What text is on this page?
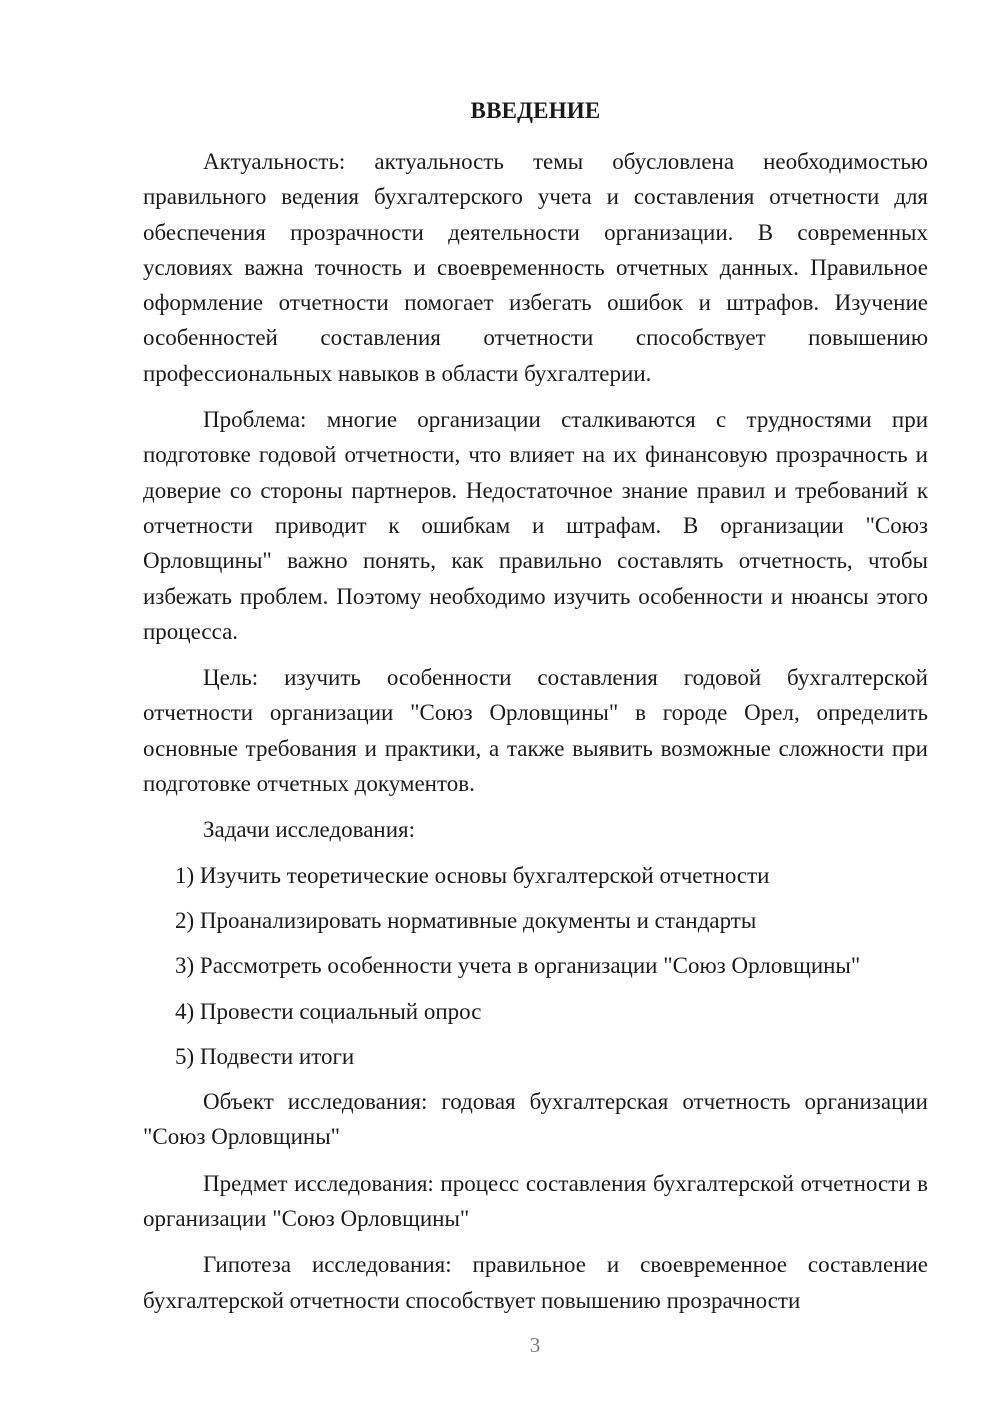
ВВЕДЕНИЕ

Актуальность: актуальность темы обусловлена необходимостью правильного ведения бухгалтерского учета и составления отчетности для обеспечения прозрачности деятельности организации. В современных условиях важна точность и своевременность отчетных данных. Правильное оформление отчетности помогает избегать ошибок и штрафов. Изучение особенностей составления отчетности способствует повышению профессиональных навыков в области бухгалтерии.

Проблема: многие организации сталкиваются с трудностями при подготовке годовой отчетности, что влияет на их финансовую прозрачность и доверие со стороны партнеров. Недостаточное знание правил и требований к отчетности приводит к ошибкам и штрафам. В организации "Союз Орловщины" важно понять, как правильно составлять отчетность, чтобы избежать проблем. Поэтому необходимо изучить особенности и нюансы этого процесса.

Цель: изучить особенности составления годовой бухгалтерской отчетности организации "Союз Орловщины" в городе Орел, определить основные требования и практики, а также выявить возможные сложности при подготовке отчетных документов.

Задачи исследования:

1) Изучить теоретические основы бухгалтерской отчетности
2) Проанализировать нормативные документы и стандарты
3) Рассмотреть особенности учета в организации "Союз Орловщины"
4) Провести социальный опрос
5) Подвести итоги

Объект исследования: годовая бухгалтерская отчетность организации "Союз Орловщины"

Предмет исследования: процесс составления бухгалтерской отчетности в организации "Союз Орловщины"

Гипотеза исследования: правильное и своевременное составление бухгалтерской отчетности способствует повышению прозрачности

3
